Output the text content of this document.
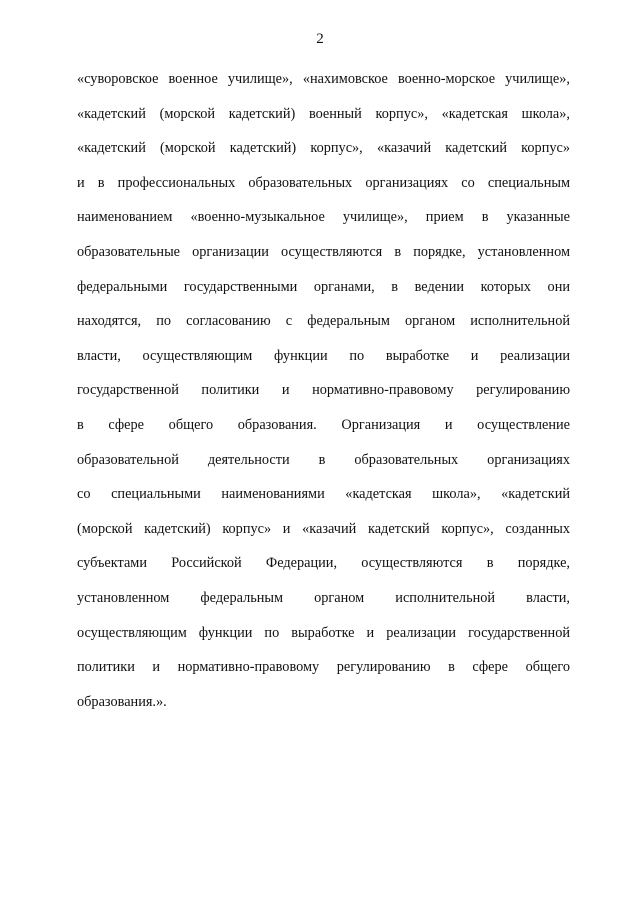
2
«суворовское военное училище», «нахимовское военно-морское училище»,
«кадетский (морской кадетский) военный корпус», «кадетская школа»,
«кадетский (морской кадетский) корпус», «казачий кадетский корпус»
и в профессиональных образовательных организациях со специальным
наименованием «военно-музыкальное училище», прием в указанные
образовательные организации осуществляются в порядке, установленном
федеральными государственными органами, в ведении которых они
находятся, по согласованию с федеральным органом исполнительной
власти, осуществляющим функции по выработке и реализации
государственной политики и нормативно-правовому регулированию
в сфере общего образования. Организация и осуществление
образовательной деятельности в образовательных организациях
со специальными наименованиями «кадетская школа», «кадетский
(морской кадетский) корпус» и «казачий кадетский корпус», созданных
субъектами Российской Федерации, осуществляются в порядке,
установленном федеральным органом исполнительной власти,
осуществляющим функции по выработке и реализации государственной
политики и нормативно-правовому регулированию в сфере общего
образования.».
